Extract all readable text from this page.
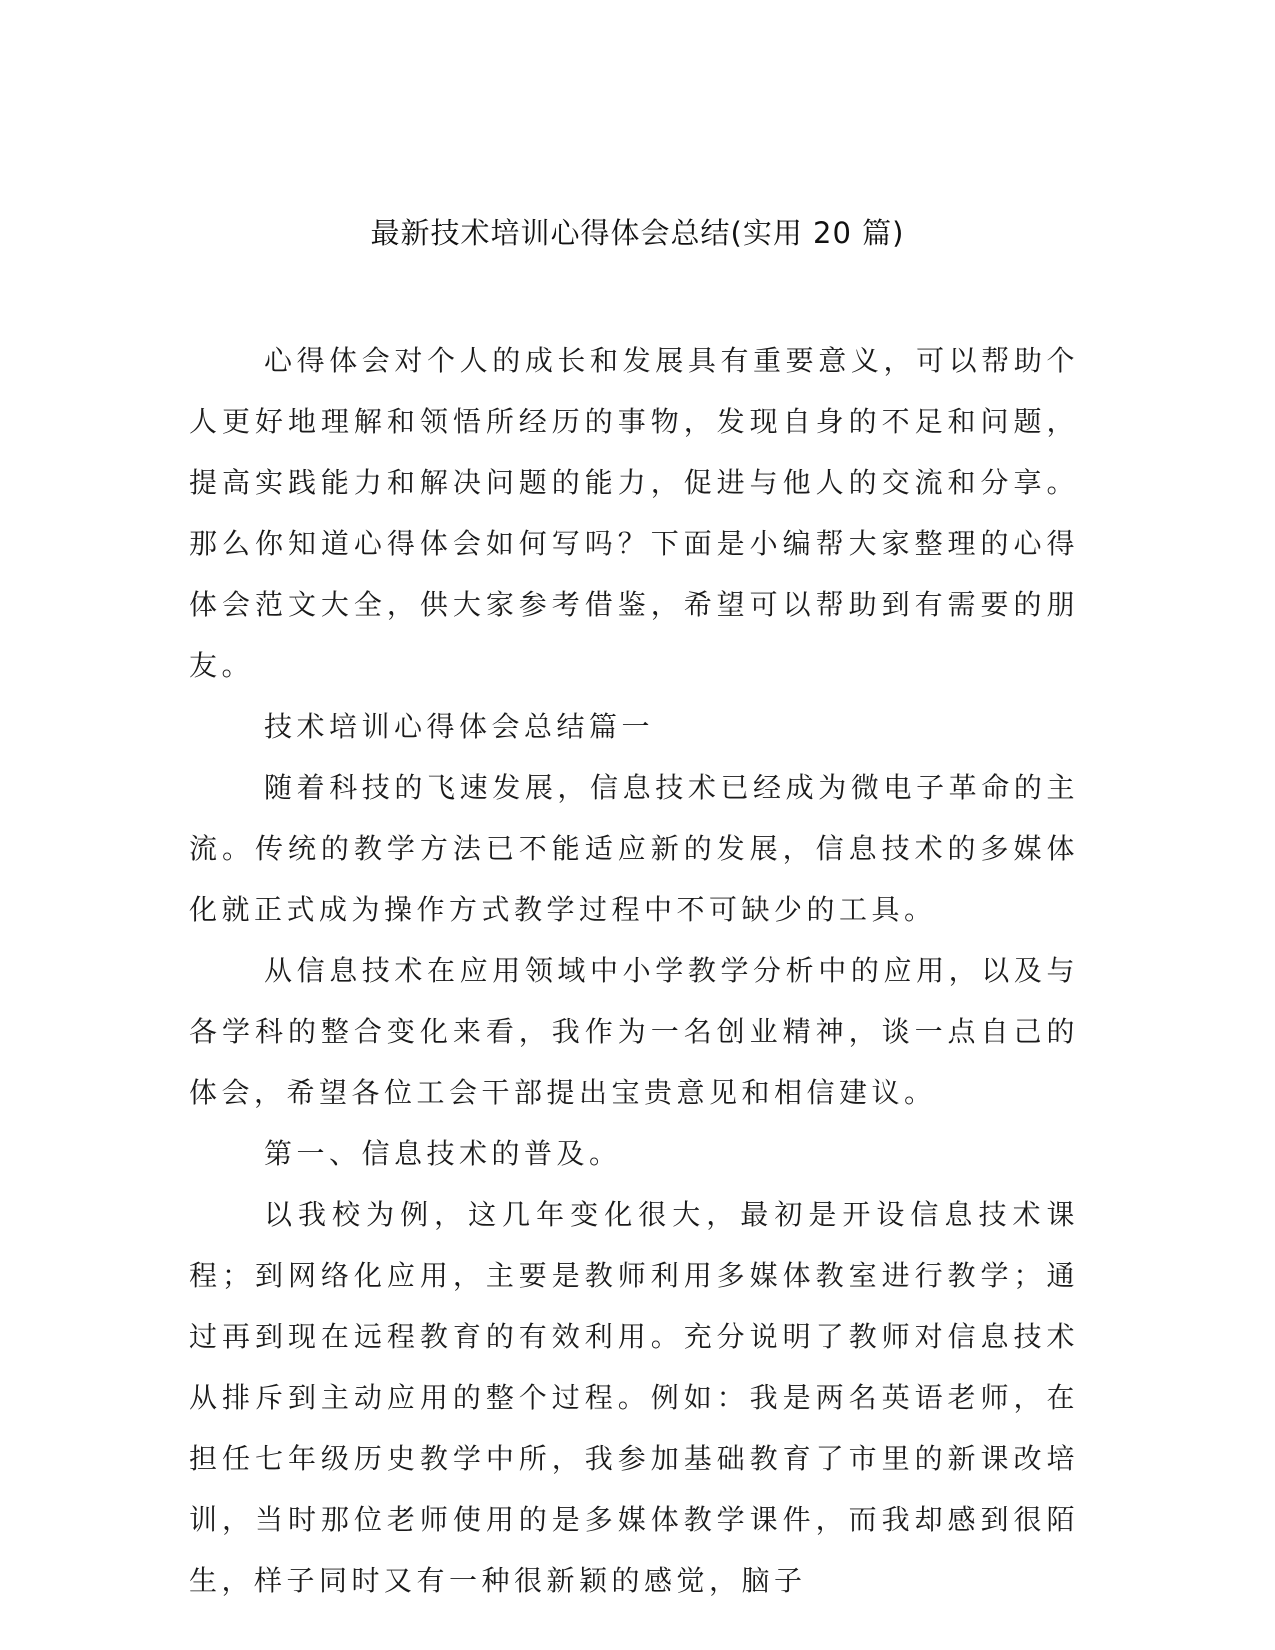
最新技术培训心得体会总结(实用 20 篇)

心得体会对个人的成长和发展具有重要意义，可以帮助个人更好地理解和领悟所经历的事物，发现自身的不足和问题，提高实践能力和解决问题的能力，促进与他人的交流和分享。那么你知道心得体会如何写吗？下面是小编帮大家整理的心得体会范文大全，供大家参考借鉴，希望可以帮助到有需要的朋友。

技术培训心得体会总结篇一

随着科技的飞速发展，信息技术已经成为微电子革命的主流。传统的教学方法已不能适应新的发展，信息技术的多媒体化就正式成为操作方式教学过程中不可缺少的工具。

从信息技术在应用领域中小学教学分析中的应用，以及与各学科的整合变化来看，我作为一名创业精神，谈一点自己的体会，希望各位工会干部提出宝贵意见和相信建议。

第一、信息技术的普及。

以我校为例，这几年变化很大，最初是开设信息技术课程；到网络化应用，主要是教师利用多媒体教室进行教学；通过再到现在远程教育的有效利用。充分说明了教师对信息技术从排斥到主动应用的整个过程。例如：我是两名英语老师，在担任七年级历史教学中所，我参加基础教育了市里的新课改培训，当时那位老师使用的是多媒体教学课件，而我却感到很陌生，样子同时又有一种很新颖的感觉，脑子
